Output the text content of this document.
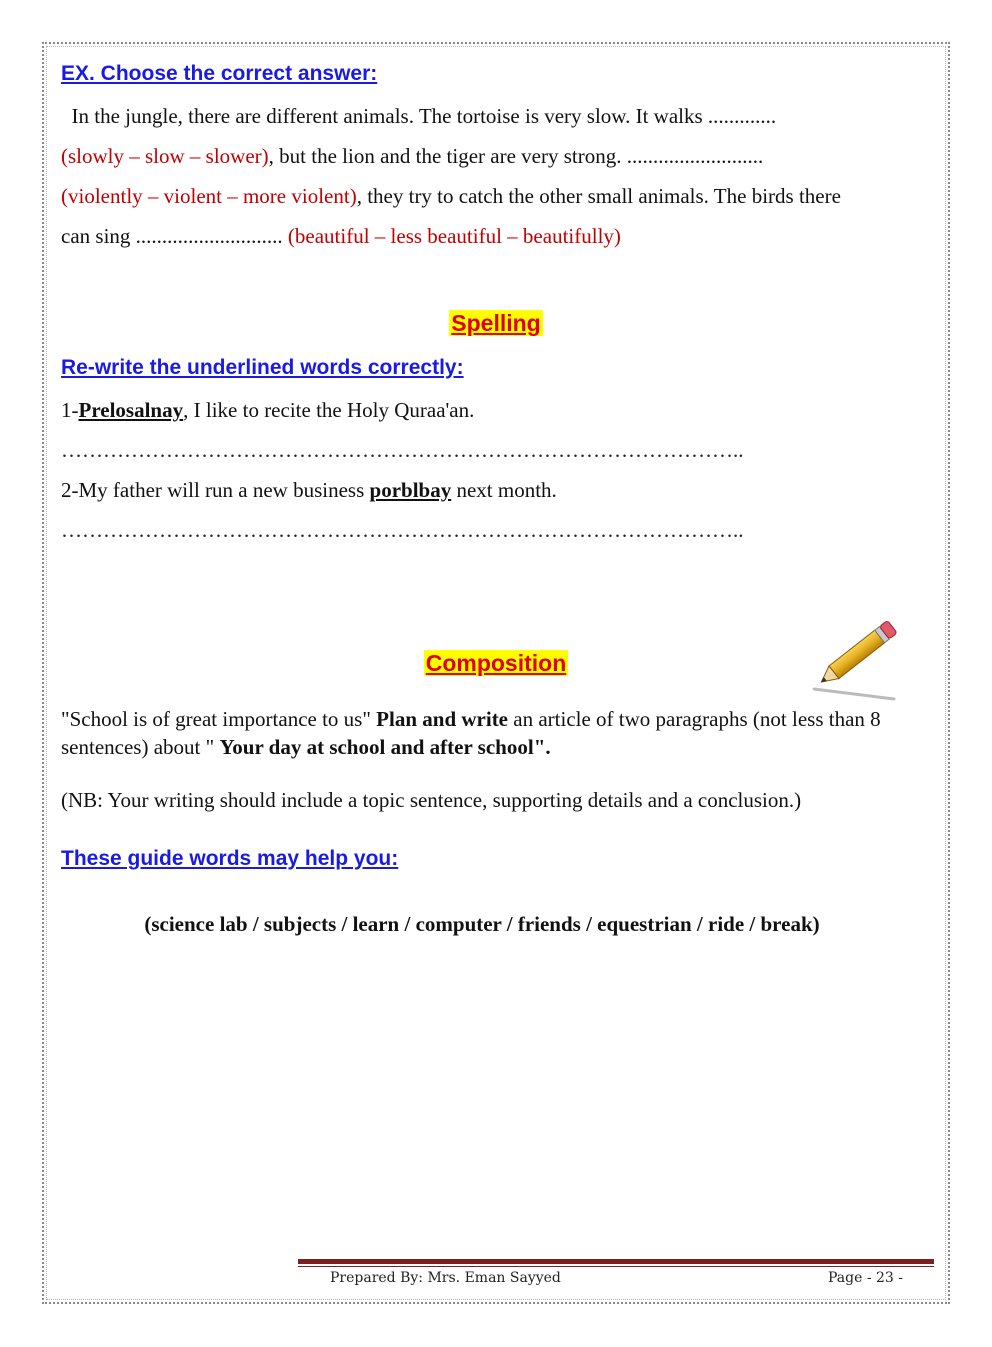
EX. Choose the correct answer:
In the jungle, there are different animals. The tortoise is very slow. It walks .............
(slowly – slow – slower), but the lion and the tiger are very strong. ..........................
(violently – violent – more violent), they try to catch the other small animals. The birds there
can sing ............................ (beautiful – less beautiful – beautifully)
Spelling
Re-write the underlined words correctly:
1-Prelosalnay, I like to recite the Holy Quraa'an.
……………………………………………………………………………………..
2-My father will run a new business porblbay next month.
……………………………………………………………………………………..
Composition
"School is of great importance to us" Plan and write an article of two paragraphs (not less than 8 sentences) about " Your day at school and after school".
(NB: Your writing should include a topic sentence, supporting details and a conclusion.)
These guide words may help you:
(science lab / subjects / learn / computer / friends / equestrian / ride / break)
Prepared By: Mrs. Eman Sayyed	Page - 23 -
